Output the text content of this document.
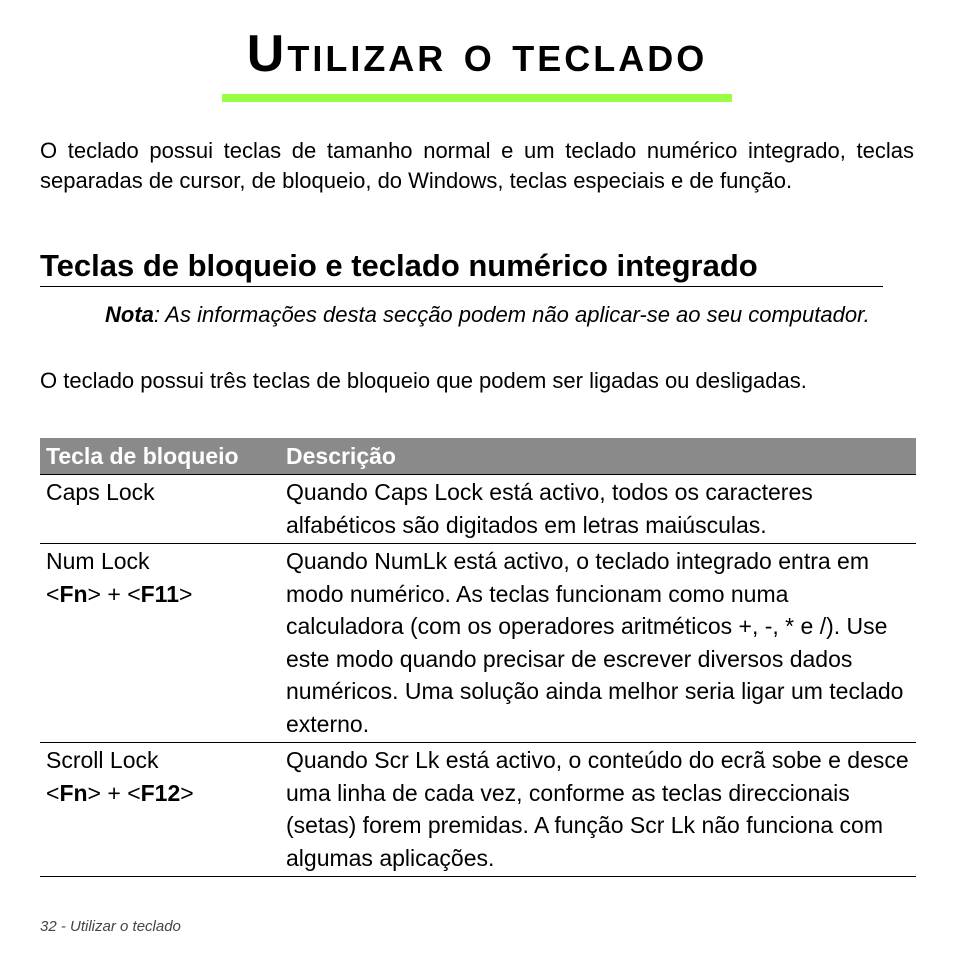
Utilizar o teclado

O teclado possui teclas de tamanho normal e um teclado numérico integrado, teclas separadas de cursor, de bloqueio, do Windows, teclas especiais e de função.

Teclas de bloqueio e teclado numérico integrado

Nota: As informações desta secção podem não aplicar-se ao seu computador.

O teclado possui três teclas de bloqueio que podem ser ligadas ou desligadas.

Tecla de bloqueio	Descrição

Caps Lock	Quando Caps Lock está activo, todos os caracteres alfabéticos são digitados em letras maiúsculas.

Num Lock
<Fn> + <F11>	Quando NumLk está activo, o teclado integrado entra em modo numérico. As teclas funcionam como numa calculadora (com os operadores aritméticos +, -, * e /). Use este modo quando precisar de escrever diversos dados numéricos. Uma solução ainda melhor seria ligar um teclado externo.

Scroll Lock
<Fn> + <F12>	Quando Scr Lk está activo, o conteúdo do ecrã sobe e desce uma linha de cada vez, conforme as teclas direccionais (setas) forem premidas. A função Scr Lk não funciona com algumas aplicações.

32 - Utilizar o teclado
